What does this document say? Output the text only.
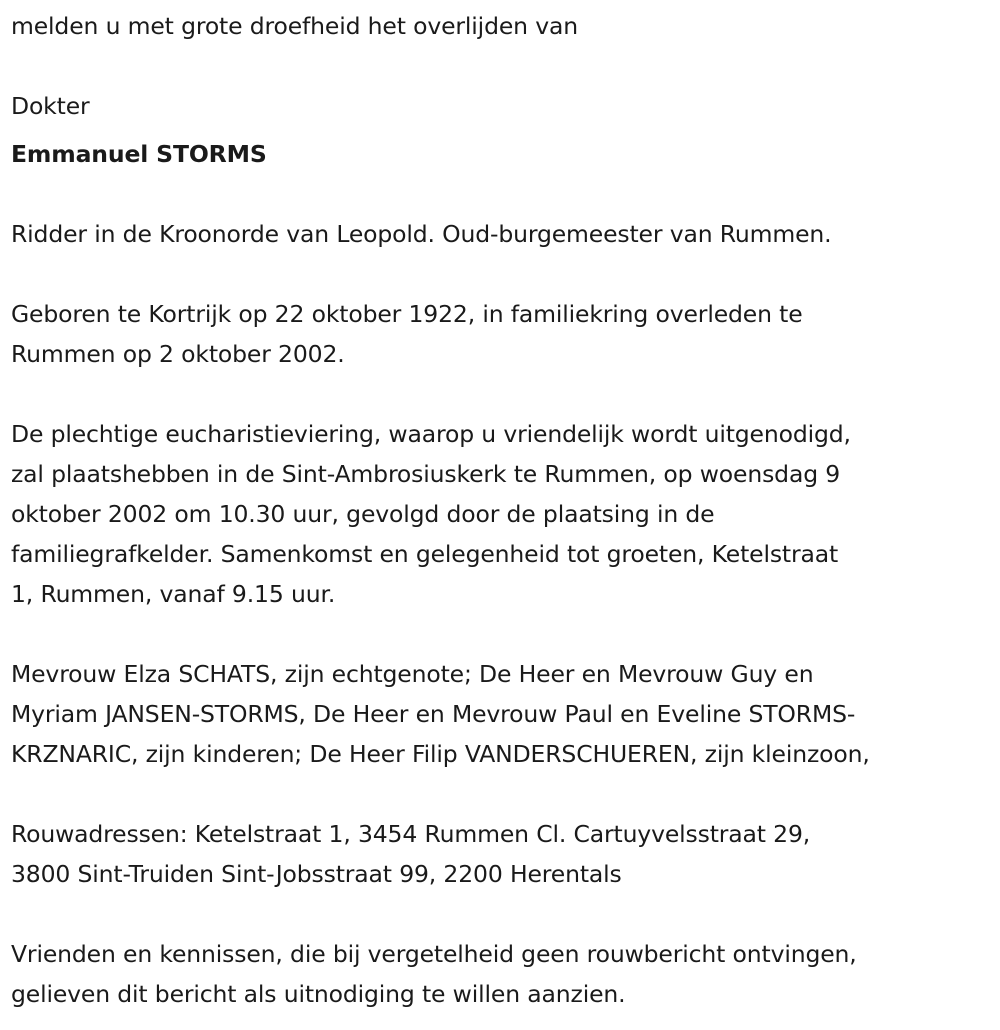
melden u met grote droefheid het overlijden van

Dokter

Emmanuel STORMS

Ridder in de Kroonorde van Leopold. Oud-burgemeester van Rummen.

Geboren te Kortrijk op 22 oktober 1922, in familiekring overleden te

Rummen op 2 oktober 2002.

De plechtige eucharistieviering, waarop u vriendelijk wordt uitgenodigd,

zal plaatshebben in de Sint-Ambrosiuskerk te Rummen, op woensdag 9

oktober 2002 om 10.30 uur, gevolgd door de plaatsing in de

familiegrafkelder. Samenkomst en gelegenheid tot groeten, Ketelstraat

1, Rummen, vanaf 9.15 uur.

Mevrouw Elza SCHATS, zijn echtgenote; De Heer en Mevrouw Guy en

Myriam JANSEN-STORMS, De Heer en Mevrouw Paul en Eveline STORMS-

KRZNARIC, zijn kinderen; De Heer Filip VANDERSCHUEREN, zijn kleinzoon,

Rouwadressen: Ketelstraat 1, 3454 Rummen Cl. Cartuyvelsstraat 29,

3800 Sint-Truiden Sint-Jobsstraat 99, 2200 Herentals

Vrienden en kennissen, die bij vergetelheid geen rouwbericht ontvingen,

gelieven dit bericht als uitnodiging te willen aanzien.
